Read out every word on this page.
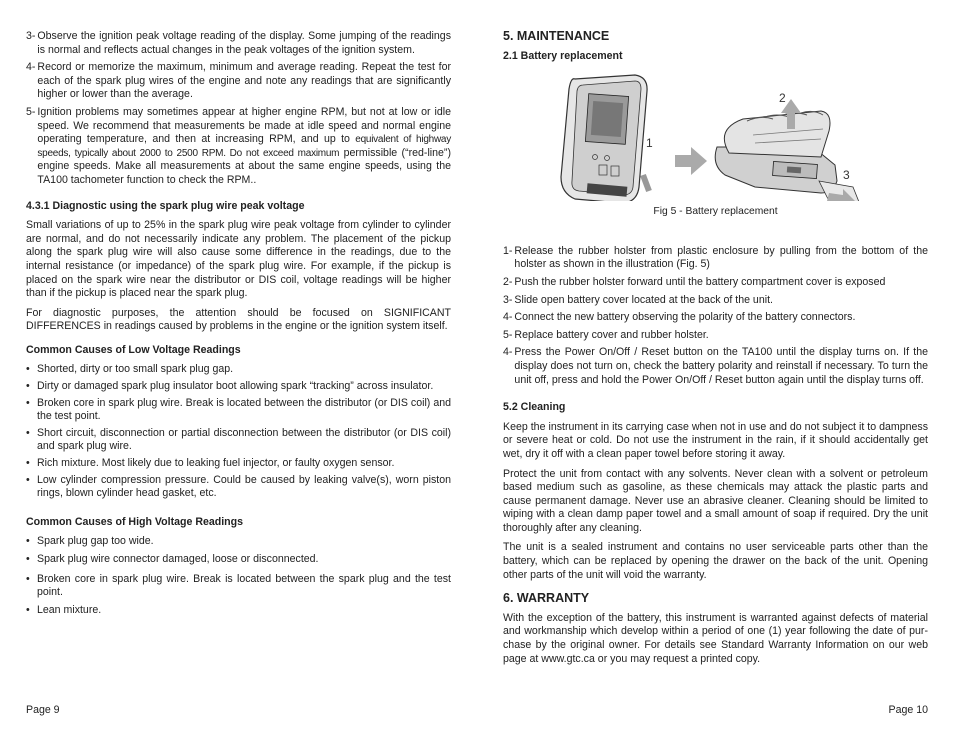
3- Observe the ignition peak voltage reading of the display. Some jumping of the readings is normal and reflects actual changes in the peak voltages of the ignition system.
4- Record or memorize the maximum, minimum and average reading. Repeat the test for each of the spark plug wires of the engine and note any readings that are significantly higher or lower than the average.
5- Ignition problems may sometimes appear at higher engine RPM, but not at low or idle speed. We recommend that measurements be made at idle speed and normal engine operating temperature, and then at increasing RPM, and up to equivalent of highway speeds, typically about 2000 to 2500 RPM. Do not exceed maximum permissible (“red-line”) engine speeds. Make all measurements at about the same engine speeds, using the TA100 tachometer function to check the RPM..
4.3.1 Diagnostic using the spark plug wire peak voltage

Small variations of up to 25% in the spark plug wire peak voltage from cylinder to cylinder are normal, and do not necessarily indicate any problem. The placement of the pickup along the spark plug wire will also cause some difference in the readings, due to the internal resistance (or impedance) of the spark plug wire. For example, if the pickup is placed on the spark wire near the distributor or DIS coil, voltage readings will be higher than if the pickup is placed near the spark plug.

For diagnostic purposes, the attention should be focused on SIGNIFICANT DIFFERENCES in readings caused by problems in the engine or the ignition system itself.

Common Causes of Low Voltage Readings
• Shorted, dirty or too small spark plug gap.
• Dirty or damaged spark plug insulator boot allowing spark “tracking” across insulator.
• Broken core in spark plug wire. Break is located between the distributor (or DIS coil) and the test point.
• Short circuit, disconnection or partial disconnection between the distributor (or DIS coil) and spark plug wire.
• Rich mixture. Most likely due to leaking fuel injector, or faulty oxygen sensor.
• Low cylinder compression pressure. Could be caused by leaking valve(s), worn piston rings, blown cylinder head gasket, etc.
Common Causes of High Voltage Readings
• Spark plug gap too wide.
• Spark plug wire connector damaged, loose or disconnected.
• Broken core in spark plug wire. Break is located between the spark plug and the test point.
• Lean mixture.
5. MAINTENANCE
2.1 Battery replacement
1
2
3
Fig 5 - Battery replacement
1- Release the rubber holster from plastic enclosure by pulling from the bottom of the holster as shown in the illustration (Fig. 5)
2- Push the rubber holster forward until the battery compartment cover is exposed
3- Slide open battery cover located at the back of the unit.
4- Connect the new battery observing the polarity of the battery connectors.
5- Replace battery cover and rubber holster.
4- Press the Power On/Off / Reset button on the TA100 until the display turns on. If the display does not turn on, check the battery polarity and reinstall if necessary. To turn the unit off, press and hold the Power On/Off / Reset button again until the display turns off.
5.2 Cleaning

Keep the instrument in its carrying case when not in use and do not subject it to dampness or severe heat or cold. Do not use the instrument in the rain, if it should accidentally get wet, dry it off with a clean paper towel before storing it away.

Protect the unit from contact with any solvents. Never clean with a solvent or petroleum based medium such as gasoline, as these chemicals may attack the plastic parts and cause permanent damage. Never use an abrasive cleaner. Cleaning should be limited to wiping with a clean damp paper towel and a small amount of soap if required. Dry the unit thoroughly after any cleaning.

The unit is a sealed instrument and contains no user serviceable parts other than the battery, which can be replaced by opening the drawer on the back of the unit. Opening other parts of the unit will void the warranty.

6. WARRANTY

With the exception of the battery, this instrument is warranted against defects of material and workmanship which develop within a period of one (1) year following the date of pur-chase by the original owner. For details see Standard Warranty Information on our web page at www.gtc.ca or you may request a printed copy.

Page 9	Page 10
